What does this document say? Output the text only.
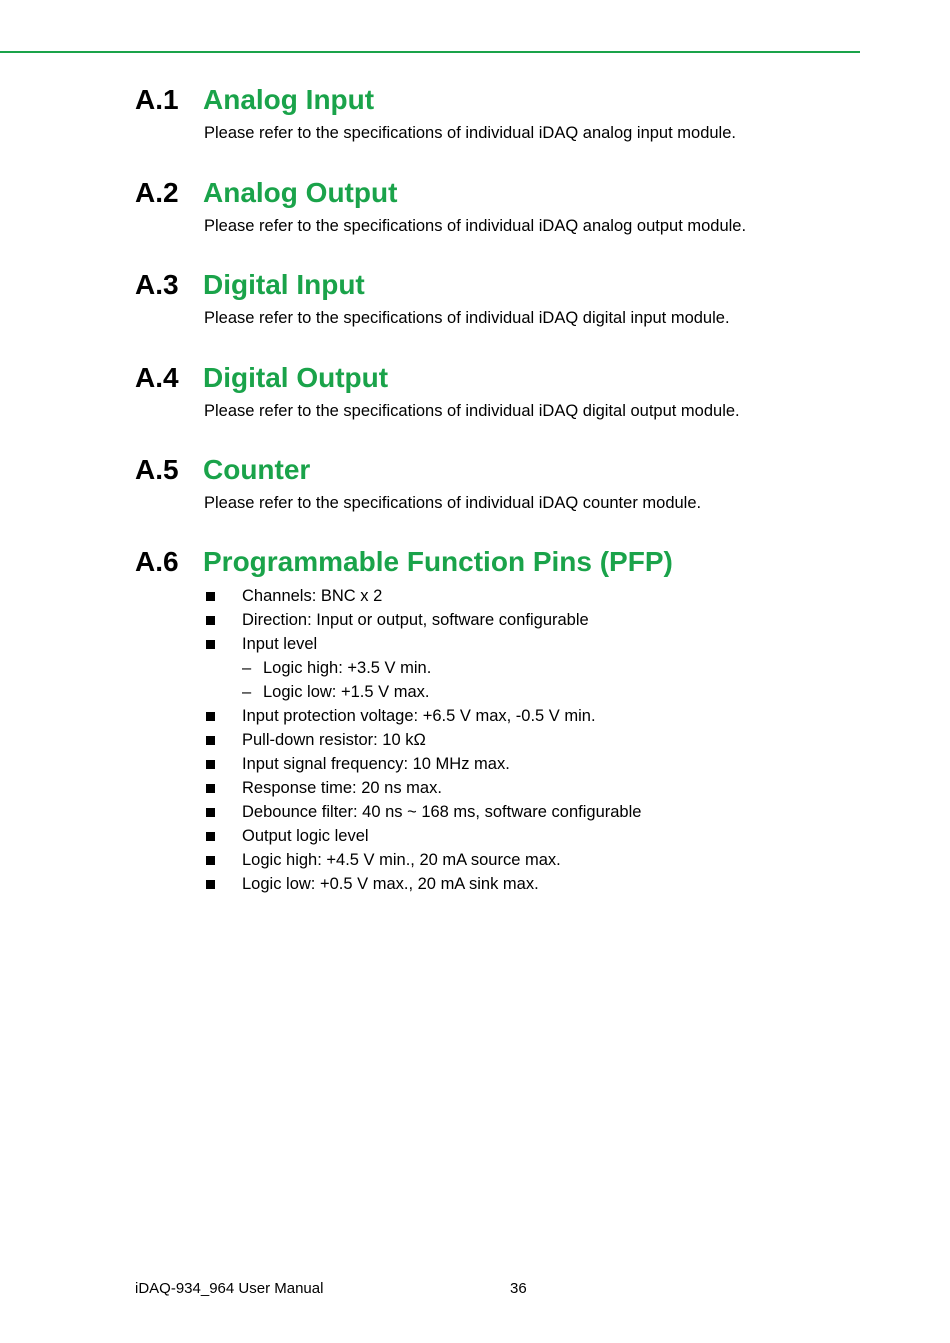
A.1 Analog Input
Please refer to the specifications of individual iDAQ analog input module.
A.2 Analog Output
Please refer to the specifications of individual iDAQ analog output module.
A.3 Digital Input
Please refer to the specifications of individual iDAQ digital input module.
A.4 Digital Output
Please refer to the specifications of individual iDAQ digital output module.
A.5 Counter
Please refer to the specifications of individual iDAQ counter module.
A.6 Programmable Function Pins (PFP)
Channels: BNC x 2
Direction: Input or output, software configurable
Input level
– Logic high: +3.5 V min.
– Logic low: +1.5 V max.
Input protection voltage: +6.5 V max, -0.5 V min.
Pull-down resistor: 10 kΩ
Input signal frequency: 10 MHz max.
Response time: 20 ns max.
Debounce filter: 40 ns ~ 168 ms, software configurable
Output logic level
Logic high: +4.5 V min., 20 mA source max.
Logic low: +0.5 V max., 20 mA sink max.
iDAQ-934_964 User Manual	36
